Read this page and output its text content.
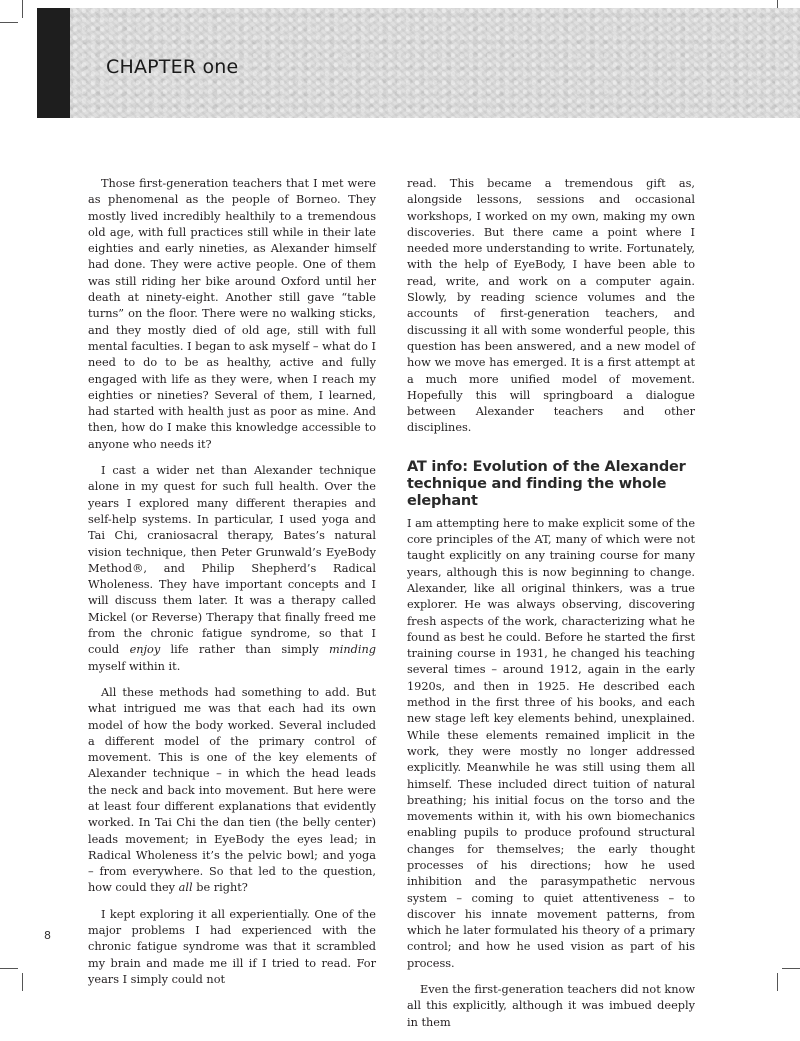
CHAPTER one

Those first-generation teachers that I met were as phenomenal as the people of Borneo. They mostly lived incredibly healthily to a tremendous old age, with full practices still while in their late eighties and early nineties, as Alexander himself had done. They were active people. One of them was still riding her bike around Oxford until her death at ninety-eight. Another still gave “table turns” on the floor. There were no walking sticks, and they mostly died of old age, still with full mental faculties. I began to ask myself – what do I need to do to be as healthy, active and fully engaged with life as they were, when I reach my eighties or nineties? Several of them, I learned, had started with health just as poor as mine. And then, how do I make this knowledge accessible to anyone who needs it?

I cast a wider net than Alexander technique alone in my quest for such full health. Over the years I explored many different therapies and self-help systems. In particular, I used yoga and Tai Chi, craniosacral therapy, Bates’s natural vision technique, then Peter Grunwald’s EyeBody Method®, and Philip Shepherd’s Radical Wholeness. They have important concepts and I will discuss them later. It was a therapy called Mickel (or Reverse) Therapy that finally freed me from the chronic fatigue syndrome, so that I could enjoy life rather than simply minding myself within it.

All these methods had something to add. But what intrigued me was that each had its own model of how the body worked. Several included a different model of the primary control of movement. This is one of the key elements of Alexander technique – in which the head leads the neck and back into movement. But here were at least four different explanations that evidently worked. In Tai Chi the dan tien (the belly center) leads movement; in EyeBody the eyes lead; in Radical Wholeness it’s the pelvic bowl; and yoga – from everywhere. So that led to the question, how could they all be right?

I kept exploring it all experientially. One of the major problems I had experienced with the chronic fatigue syndrome was that it scrambled my brain and made me ill if I tried to read. For years I simply could not

read. This became a tremendous gift as, alongside lessons, sessions and occasional workshops, I worked on my own, making my own discoveries. But there came a point where I needed more understanding to write. Fortunately, with the help of EyeBody, I have been able to read, write, and work on a computer again. Slowly, by reading science volumes and the accounts of first-generation teachers, and discussing it all with some wonderful people, this question has been answered, and a new model of how we move has emerged. It is a first attempt at a much more unified model of movement. Hopefully this will springboard a dialogue between Alexander teachers and other disciplines.

AT info: Evolution of the Alexander technique and finding the whole elephant

I am attempting here to make explicit some of the core principles of the AT, many of which were not taught explicitly on any training course for many years, although this is now beginning to change. Alexander, like all original thinkers, was a true explorer. He was always observing, discovering fresh aspects of the work, characterizing what he found as best he could. Before he started the first training course in 1931, he changed his teaching several times – around 1912, again in the early 1920s, and then in 1925. He described each method in the first three of his books, and each new stage left key elements behind, unexplained. While these elements remained implicit in the work, they were mostly no longer addressed explicitly. Meanwhile he was still using them all himself. These included direct tuition of natural breathing; his initial focus on the torso and the movements within it, with his own biomechanics enabling pupils to produce profound structural changes for themselves; the early thought processes of his directions; how he used inhibition and the parasympathetic nervous system – coming to quiet attentiveness – to discover his innate movement patterns, from which he later formulated his theory of a primary control; and how he used vision as part of his process.

Even the first-generation teachers did not know all this explicitly, although it was imbued deeply in them

8
